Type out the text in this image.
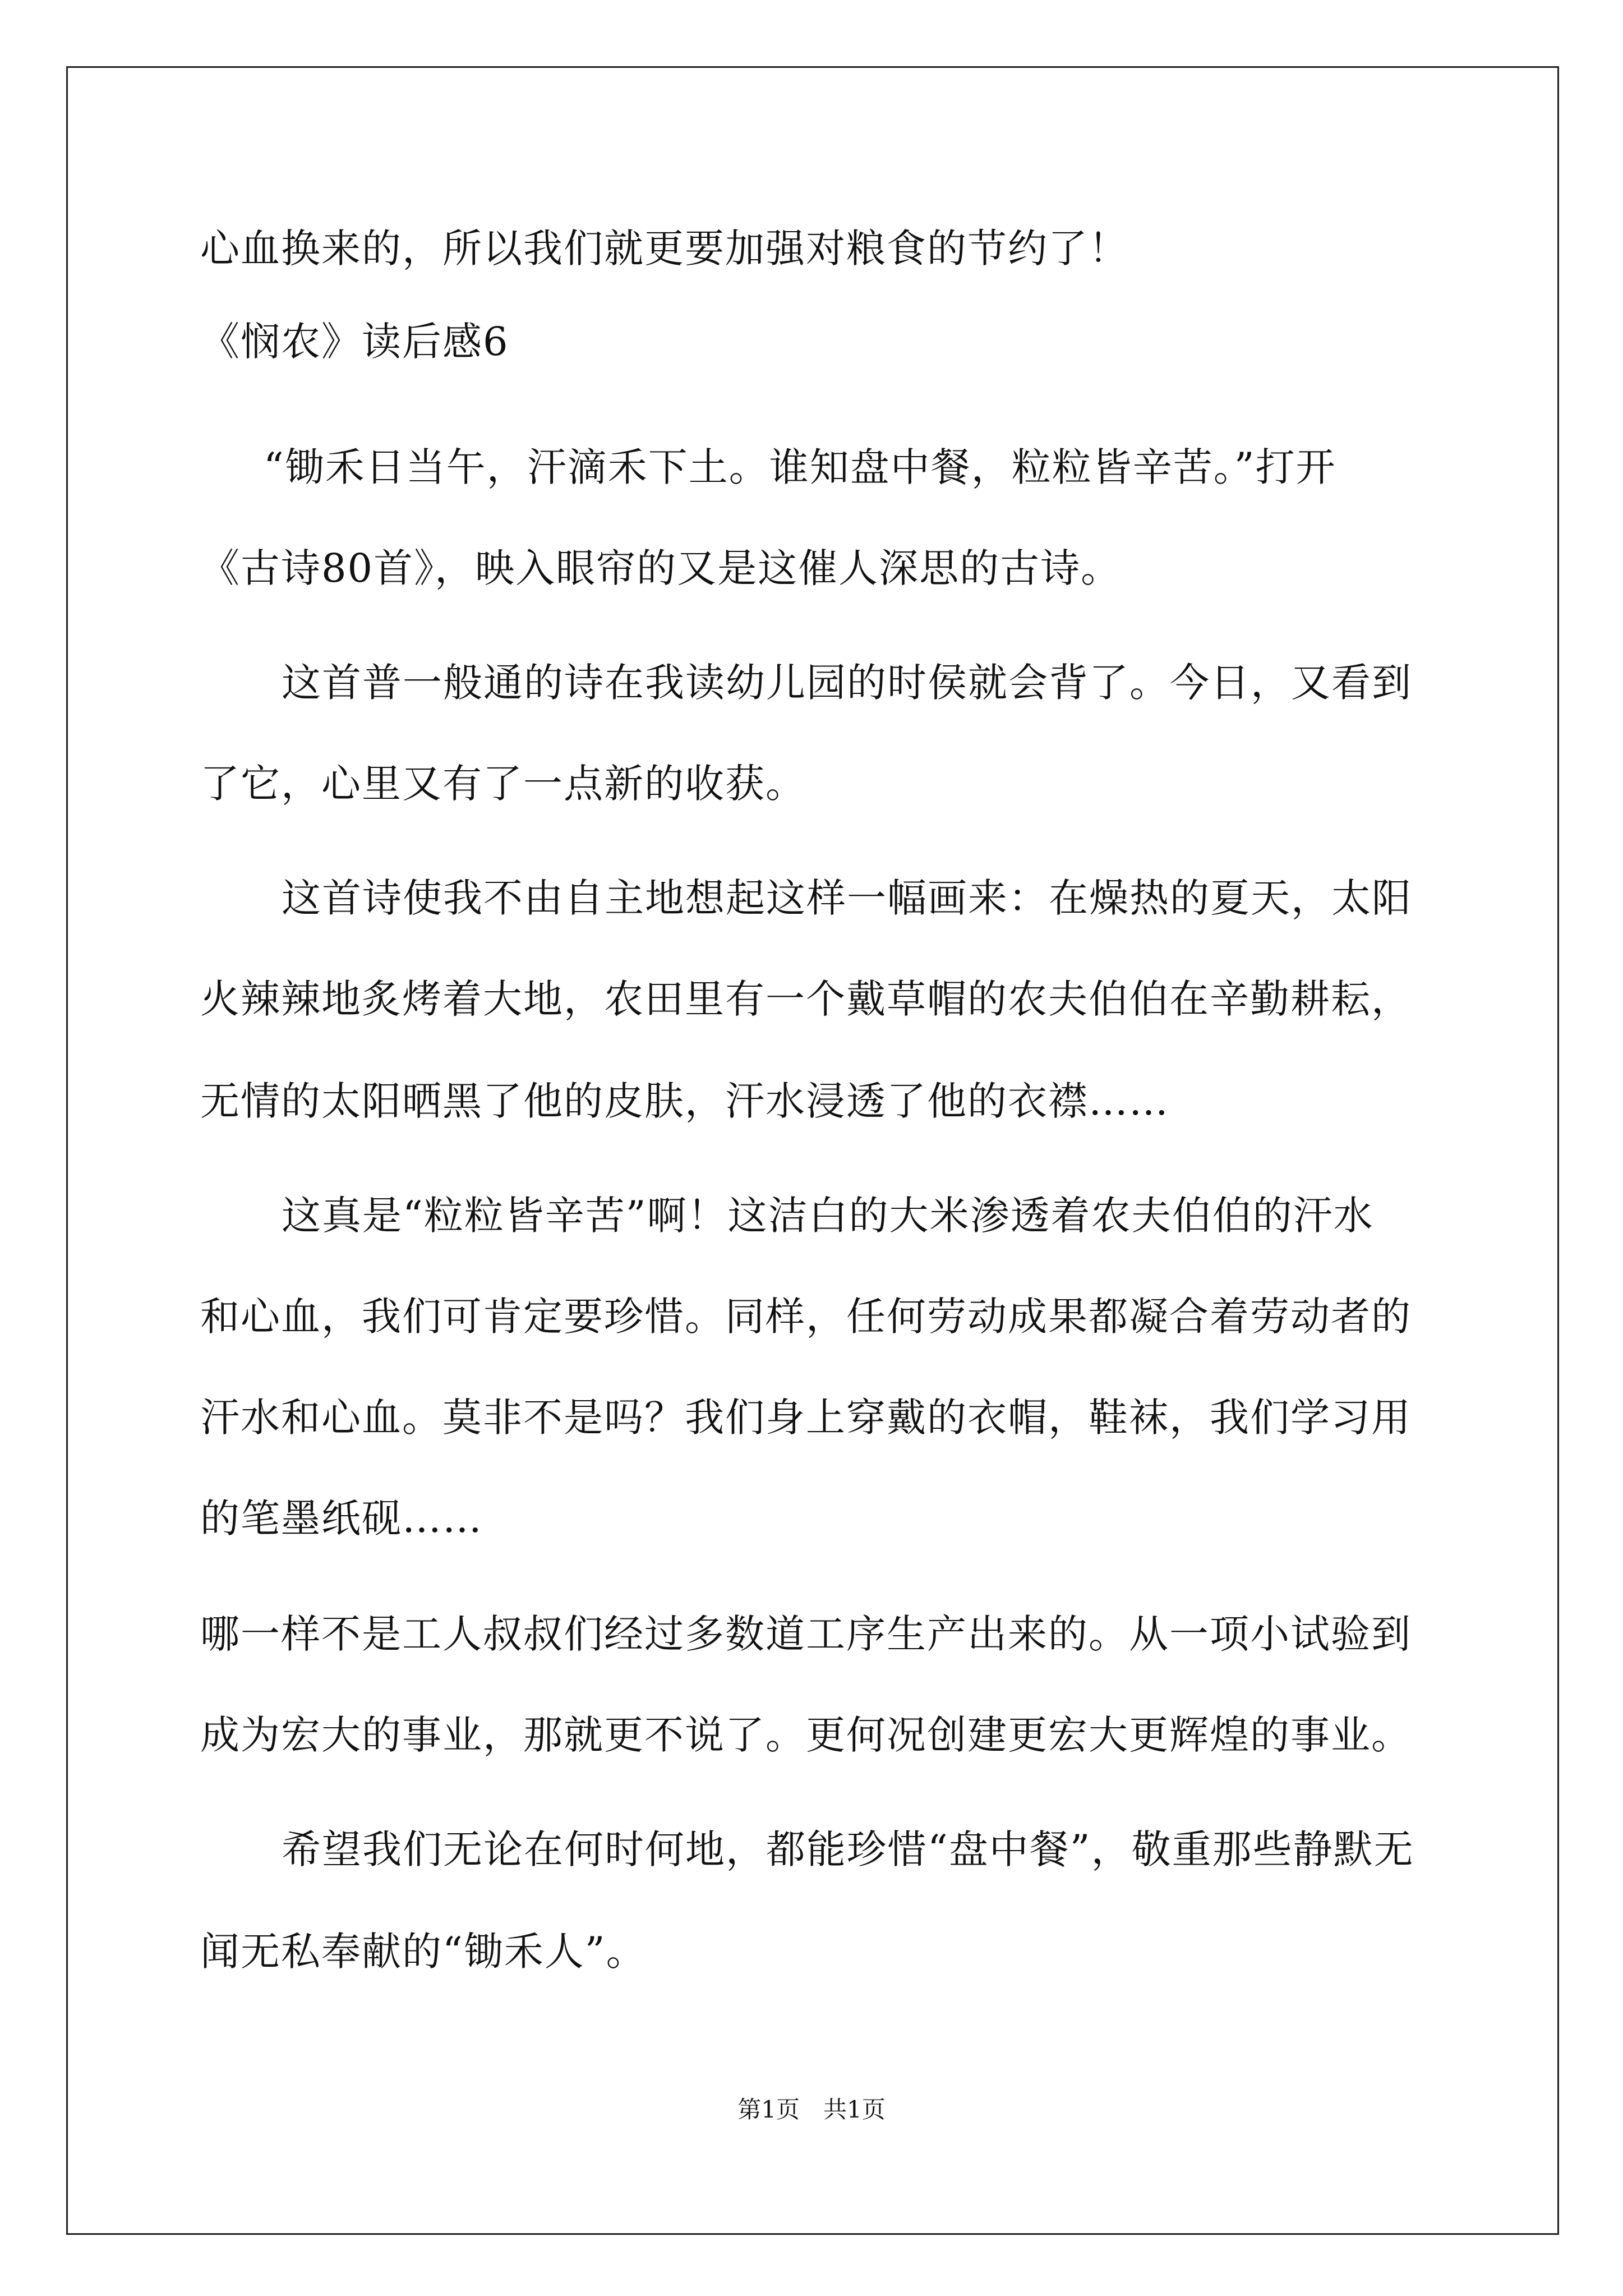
心血换来的，所以我们就更要加强对粮食的节约了！
《悯农》读后感6
“锄禾日当午，汗滴禾下土。谁知盘中餐，粒粒皆辛苦。”打开
《古诗80首》，映入眼帘的又是这催人深思的古诗。
这首普一般通的诗在我读幼儿园的时侯就会背了。今日，又看到
了它，心里又有了一点新的收获。
这首诗使我不由自主地想起这样一幅画来：在燥热的夏天，太阳
火辣辣地炙烤着大地，农田里有一个戴草帽的农夫伯伯在辛勤耕耘，
无情的太阳晒黑了他的皮肤，汗水浸透了他的衣襟……
这真是“粒粒皆辛苦”啊！这洁白的大米渗透着农夫伯伯的汗水
和心血，我们可肯定要珍惜。同样，任何劳动成果都凝合着劳动者的
汗水和心血。莫非不是吗？我们身上穿戴的衣帽，鞋袜，我们学习用
的笔墨纸砚……
哪一样不是工人叔叔们经过多数道工序生产出来的。从一项小试验到
成为宏大的事业，那就更不说了。更何况创建更宏大更辉煌的事业。
希望我们无论在何时何地，都能珍惜“盘中餐”，敬重那些静默无
闻无私奉献的“锄禾人”。
第1页　共1页
